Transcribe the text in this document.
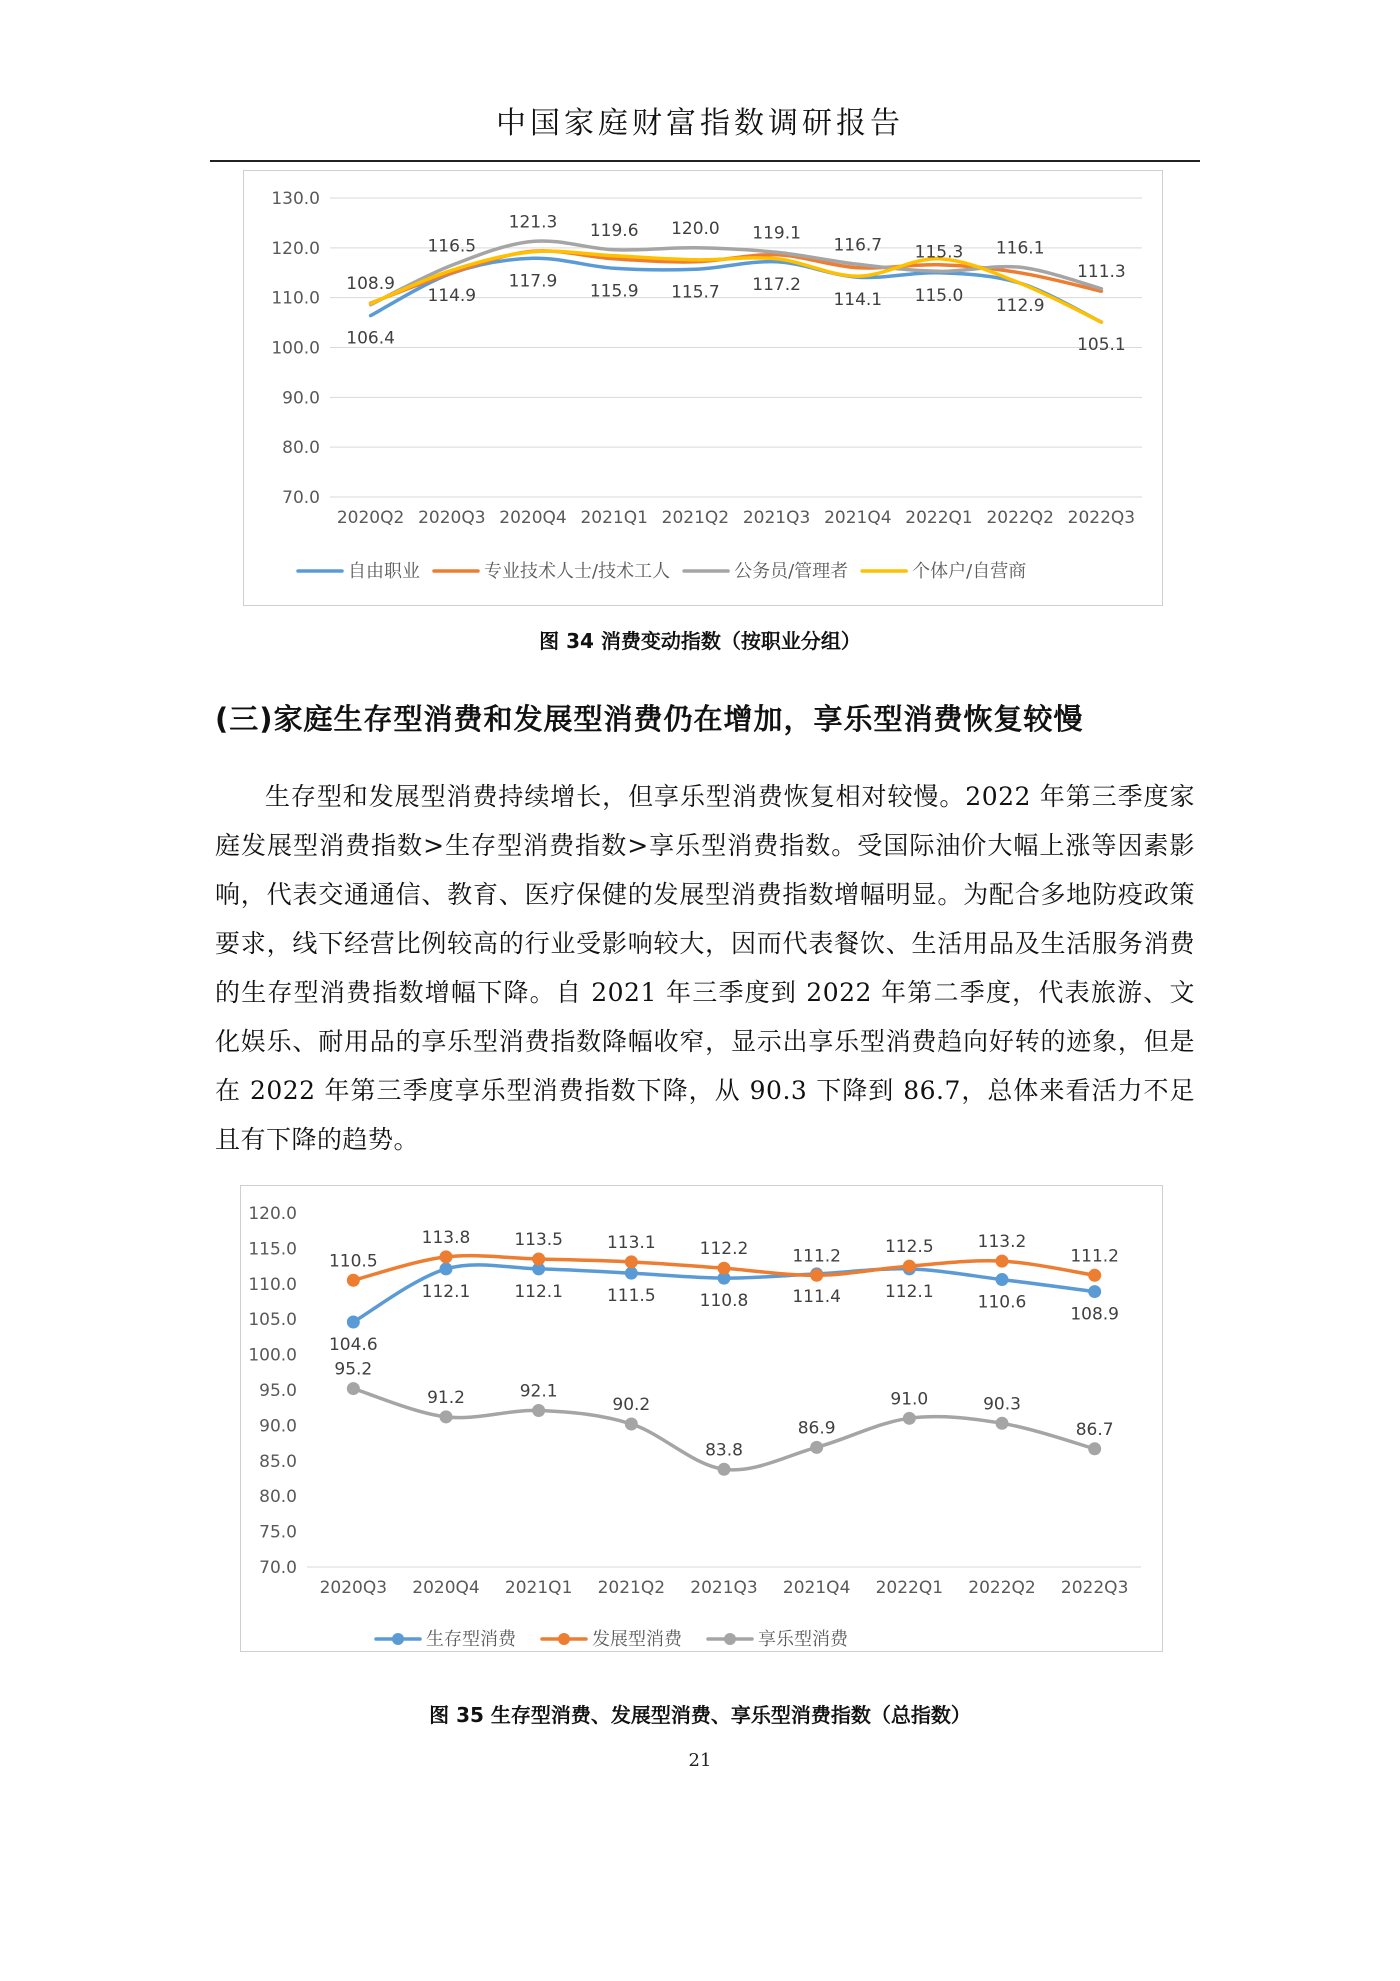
中国家庭财富指数调研报告
130.0
120.0
110.0
100.0
90.0
80.0
70.0
2020Q2 2020Q3 2020Q4 2021Q1 2021Q2 2021Q3 2021Q4 2022Q1 2022Q2 2022Q3
108.9
106.4
116.5
114.9
121.3
117.9
119.6
115.9
120.0
115.7
119.1
117.2
116.7
114.1
115.3
115.0
116.1
112.9
111.3
105.1
自由职业	专业技术人士/技术工人	公务员/管理者	个体户/自营商
图 34 消费变动指数（按职业分组）
(三)家庭生存型消费和发展型消费仍在增加，享乐型消费恢复较慢
生存型和发展型消费持续增长，但享乐型消费恢复相对较慢。2022 年第三季度家庭发展型消费指数>生存型消费指数>享乐型消费指数。受国际油价大幅上涨等因素影响，代表交通通信、教育、医疗保健的发展型消费指数增幅明显。为配合多地防疫政策要求，线下经营比例较高的行业受影响较大，因而代表餐饮、生活用品及生活服务消费的生存型消费指数增幅下降。自 2021 年三季度到 2022 年第二季度，代表旅游、文化娱乐、耐用品的享乐型消费指数降幅收窄，显示出享乐型消费趋向好转的迹象，但是在 2022 年第三季度享乐型消费指数下降，从 90.3 下降到 86.7，总体来看活力不足且有下降的趋势。
120.0
115.0
110.0
105.0
100.0
95.0
90.0
85.0
80.0
75.0
70.0
2020Q3 2020Q4 2021Q1 2021Q2 2021Q3 2021Q4 2022Q1 2022Q2 2022Q3
110.5
104.6
95.2
113.8
112.1
91.2
113.5
112.1
92.1
113.1
111.5
90.2
112.2
110.8
83.8
111.2
111.4
86.9
112.5
112.1
91.0
113.2
110.6
90.3
111.2
108.9
86.7
生存型消费	发展型消费	享乐型消费
图 35 生存型消费、发展型消费、享乐型消费指数（总指数）
21
